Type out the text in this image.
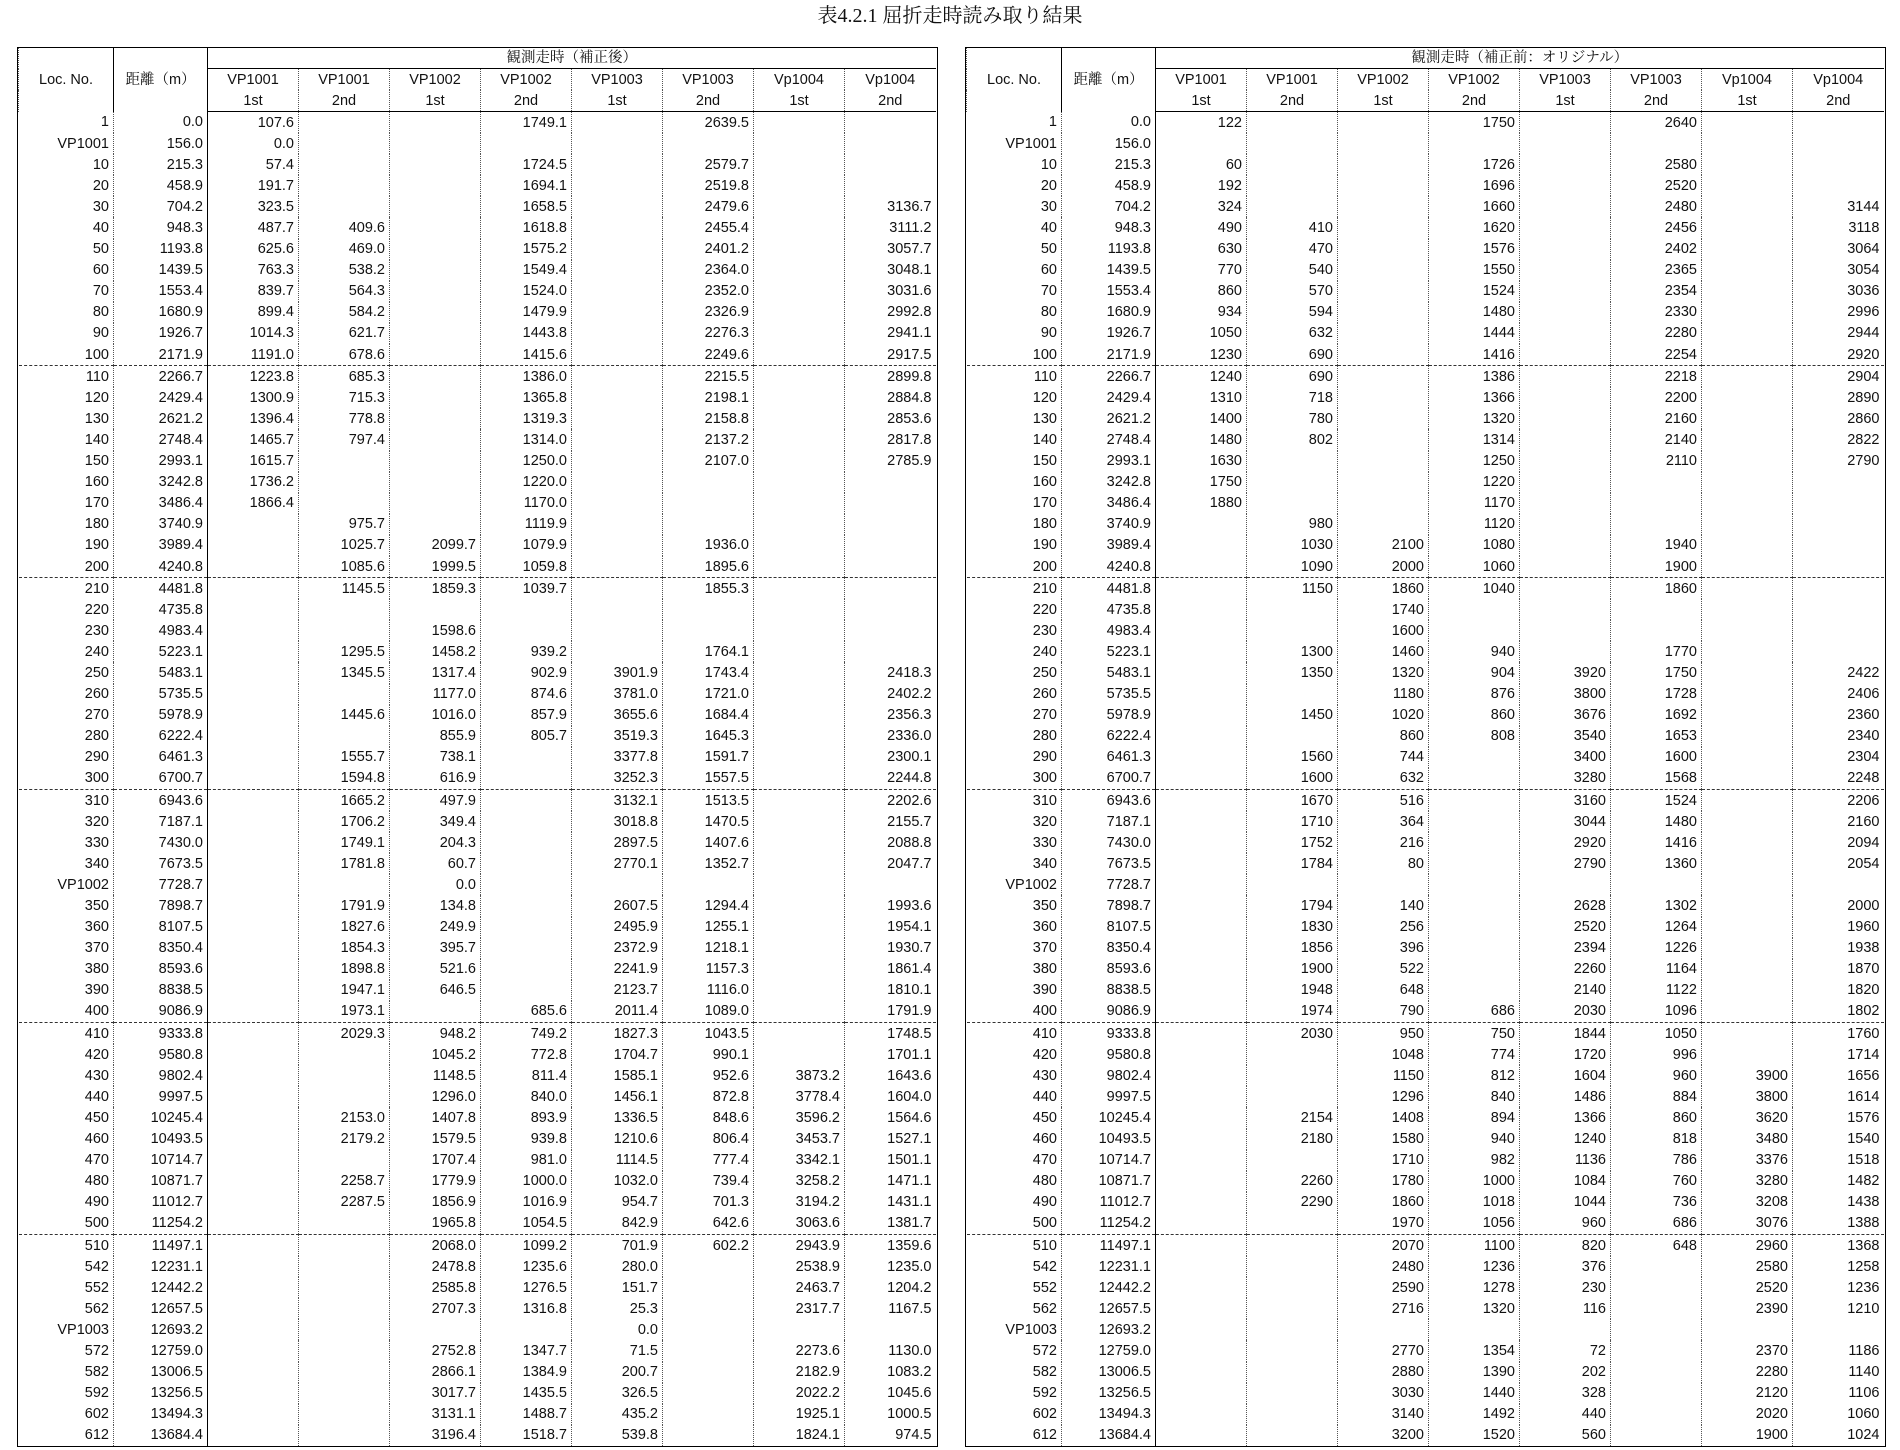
表4.2.1 屈折走時読み取り結果
Loc. No.	距離（m）	観測走時（補正後）							
		VP1001	VP1001	VP1002	VP1002	VP1003	VP1003	Vp1004	Vp1004
		1st	2nd	1st	2nd	1st	2nd	1st	2nd
1	0.0	107.6			1749.1		2639.5		
VP1001	156.0	0.0							
10	215.3	57.4			1724.5		2579.7		
20	458.9	191.7			1694.1		2519.8		
30	704.2	323.5			1658.5		2479.6		3136.7
40	948.3	487.7	409.6		1618.8		2455.4		3111.2
50	1193.8	625.6	469.0		1575.2		2401.2		3057.7
60	1439.5	763.3	538.2		1549.4		2364.0		3048.1
70	1553.4	839.7	564.3		1524.0		2352.0		3031.6
80	1680.9	899.4	584.2		1479.9		2326.9		2992.8
90	1926.7	1014.3	621.7		1443.8		2276.3		2941.1
100	2171.9	1191.0	678.6		1415.6		2249.6		2917.5
110	2266.7	1223.8	685.3		1386.0		2215.5		2899.8
120	2429.4	1300.9	715.3		1365.8		2198.1		2884.8
130	2621.2	1396.4	778.8		1319.3		2158.8		2853.6
140	2748.4	1465.7	797.4		1314.0		2137.2		2817.8
150	2993.1	1615.7			1250.0		2107.0		2785.9
160	3242.8	1736.2			1220.0				
170	3486.4	1866.4			1170.0				
180	3740.9		975.7		1119.9				
190	3989.4		1025.7	2099.7	1079.9		1936.0		
200	4240.8		1085.6	1999.5	1059.8		1895.6		
210	4481.8		1145.5	1859.3	1039.7		1855.3		
220	4735.8								
230	4983.4			1598.6					
240	5223.1		1295.5	1458.2	939.2		1764.1		
250	5483.1		1345.5	1317.4	902.9	3901.9	1743.4		2418.3
260	5735.5			1177.0	874.6	3781.0	1721.0		2402.2
270	5978.9		1445.6	1016.0	857.9	3655.6	1684.4		2356.3
280	6222.4			855.9	805.7	3519.3	1645.3		2336.0
290	6461.3		1555.7	738.1		3377.8	1591.7		2300.1
300	6700.7		1594.8	616.9		3252.3	1557.5		2244.8
310	6943.6		1665.2	497.9		3132.1	1513.5		2202.6
320	7187.1		1706.2	349.4		3018.8	1470.5		2155.7
330	7430.0		1749.1	204.3		2897.5	1407.6		2088.8
340	7673.5		1781.8	60.7		2770.1	1352.7		2047.7
VP1002	7728.7			0.0					
350	7898.7		1791.9	134.8		2607.5	1294.4		1993.6
360	8107.5		1827.6	249.9		2495.9	1255.1		1954.1
370	8350.4		1854.3	395.7		2372.9	1218.1		1930.7
380	8593.6		1898.8	521.6		2241.9	1157.3		1861.4
390	8838.5		1947.1	646.5		2123.7	1116.0		1810.1
400	9086.9		1973.1		685.6	2011.4	1089.0		1791.9
410	9333.8		2029.3	948.2	749.2	1827.3	1043.5		1748.5
420	9580.8			1045.2	772.8	1704.7	990.1		1701.1
430	9802.4			1148.5	811.4	1585.1	952.6	3873.2	1643.6
440	9997.5			1296.0	840.0	1456.1	872.8	3778.4	1604.0
450	10245.4		2153.0	1407.8	893.9	1336.5	848.6	3596.2	1564.6
460	10493.5		2179.2	1579.5	939.8	1210.6	806.4	3453.7	1527.1
470	10714.7			1707.4	981.0	1114.5	777.4	3342.1	1501.1
480	10871.7		2258.7	1779.9	1000.0	1032.0	739.4	3258.2	1471.1
490	11012.7		2287.5	1856.9	1016.9	954.7	701.3	3194.2	1431.1
500	11254.2			1965.8	1054.5	842.9	642.6	3063.6	1381.7
510	11497.1			2068.0	1099.2	701.9	602.2	2943.9	1359.6
542	12231.1			2478.8	1235.6	280.0		2538.9	1235.0
552	12442.2			2585.8	1276.5	151.7		2463.7	1204.2
562	12657.5			2707.3	1316.8	25.3		2317.7	1167.5
VP1003	12693.2					0.0			
572	12759.0			2752.8	1347.7	71.5		2273.6	1130.0
582	13006.5			2866.1	1384.9	200.7		2182.9	1083.2
592	13256.5			3017.7	1435.5	326.5		2022.2	1045.6
602	13494.3			3131.1	1488.7	435.2		1925.1	1000.5
612	13684.4			3196.4	1518.7	539.8		1824.1	974.5
Loc. No.	距離（m）	観測走時（補正前：オリジナル）							
		VP1001	VP1001	VP1002	VP1002	VP1003	VP1003	Vp1004	Vp1004
		1st	2nd	1st	2nd	1st	2nd	1st	2nd
1	0.0	122			1750		2640		
VP1001	156.0								
10	215.3	60			1726		2580		
20	458.9	192			1696		2520		
30	704.2	324			1660		2480		3144
40	948.3	490	410		1620		2456		3118
50	1193.8	630	470		1576		2402		3064
60	1439.5	770	540		1550		2365		3054
70	1553.4	860	570		1524		2354		3036
80	1680.9	934	594		1480		2330		2996
90	1926.7	1050	632		1444		2280		2944
100	2171.9	1230	690		1416		2254		2920
110	2266.7	1240	690		1386		2218		2904
120	2429.4	1310	718		1366		2200		2890
130	2621.2	1400	780		1320		2160		2860
140	2748.4	1480	802		1314		2140		2822
150	2993.1	1630			1250		2110		2790
160	3242.8	1750			1220				
170	3486.4	1880			1170				
180	3740.9		980		1120				
190	3989.4		1030	2100	1080		1940		
200	4240.8		1090	2000	1060		1900		
210	4481.8		1150	1860	1040		1860		
220	4735.8			1740					
230	4983.4			1600					
240	5223.1		1300	1460	940		1770		
250	5483.1		1350	1320	904	3920	1750		2422
260	5735.5			1180	876	3800	1728		2406
270	5978.9		1450	1020	860	3676	1692		2360
280	6222.4			860	808	3540	1653		2340
290	6461.3		1560	744		3400	1600		2304
300	6700.7		1600	632		3280	1568		2248
310	6943.6		1670	516		3160	1524		2206
320	7187.1		1710	364		3044	1480		2160
330	7430.0		1752	216		2920	1416		2094
340	7673.5		1784	80		2790	1360		2054
VP1002	7728.7								
350	7898.7		1794	140		2628	1302		2000
360	8107.5		1830	256		2520	1264		1960
370	8350.4		1856	396		2394	1226		1938
380	8593.6		1900	522		2260	1164		1870
390	8838.5		1948	648		2140	1122		1820
400	9086.9		1974	790	686	2030	1096		1802
410	9333.8		2030	950	750	1844	1050		1760
420	9580.8			1048	774	1720	996		1714
430	9802.4			1150	812	1604	960	3900	1656
440	9997.5			1296	840	1486	884	3800	1614
450	10245.4		2154	1408	894	1366	860	3620	1576
460	10493.5		2180	1580	940	1240	818	3480	1540
470	10714.7			1710	982	1136	786	3376	1518
480	10871.7		2260	1780	1000	1084	760	3280	1482
490	11012.7		2290	1860	1018	1044	736	3208	1438
500	11254.2			1970	1056	960	686	3076	1388
510	11497.1			2070	1100	820	648	2960	1368
542	12231.1			2480	1236	376		2580	1258
552	12442.2			2590	1278	230		2520	1236
562	12657.5			2716	1320	116		2390	1210
VP1003	12693.2								
572	12759.0			2770	1354	72		2370	1186
582	13006.5			2880	1390	202		2280	1140
592	13256.5			3030	1440	328		2120	1106
602	13494.3			3140	1492	440		2020	1060
612	13684.4			3200	1520	560		1900	1024
